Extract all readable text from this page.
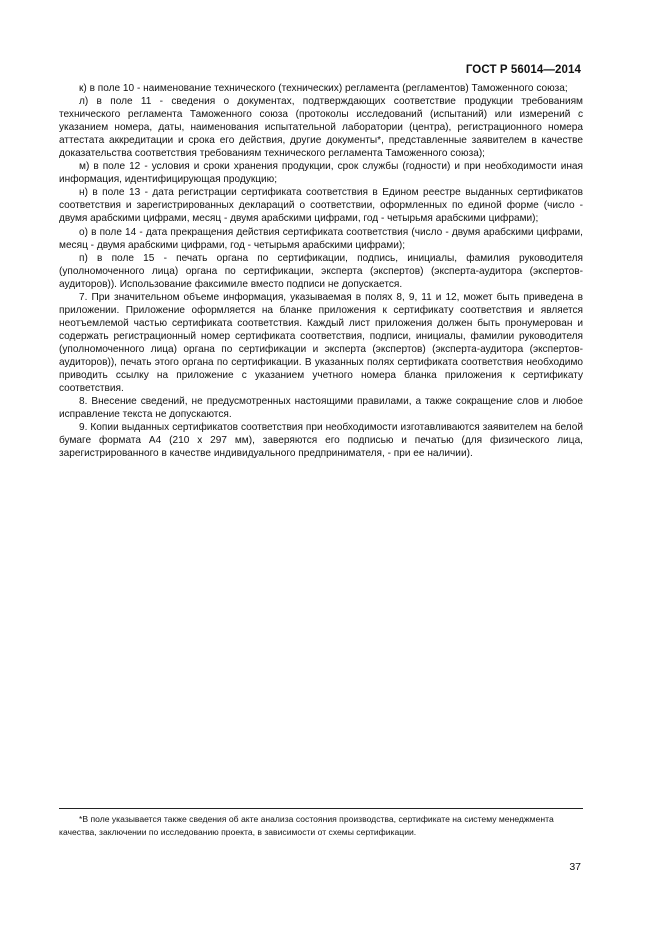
ГОСТ Р 56014—2014

к) в поле 10 - наименование технического (технических) регламента (регламентов) Таможенного союза;

л) в поле 11 - сведения о документах, подтверждающих соответствие продукции требованиям технического регламента Таможенного союза (протоколы исследований (испытаний) или измерений с указанием номера, даты, наименования испытательной лаборатории (центра), регистрационного номера аттестата аккредитации и срока его действия, другие документы*, представленные заявителем в качестве доказательства соответствия требованиям технического регламента Таможенного союза);

м) в поле 12 - условия и сроки хранения продукции, срок службы (годности) и при необходимости иная информация, идентифицирующая продукцию;

н) в поле 13 - дата регистрации сертификата соответствия в Едином реестре выданных сертификатов соответствия и зарегистрированных деклараций о соответствии, оформленных по единой форме (число - двумя арабскими цифрами, месяц - двумя арабскими цифрами, год - четырьмя арабскими цифрами);

о) в поле 14 - дата прекращения действия сертификата соответствия (число - двумя арабскими цифрами, месяц - двумя арабскими цифрами, год - четырьмя арабскими цифрами);

п) в поле 15 - печать органа по сертификации, подпись, инициалы, фамилия руководителя (уполномоченного лица) органа по сертификации, эксперта (экспертов) (эксперта-аудитора (экспертов-аудиторов)). Использование факсимиле вместо подписи не допускается.

7. При значительном объеме информация, указываемая в полях 8, 9, 11 и 12, может быть приведена в приложении. Приложение оформляется на бланке приложения к сертификату соответствия и является неотъемлемой частью сертификата соответствия. Каждый лист приложения должен быть пронумерован и содержать регистрационный номер сертификата соответствия, подписи, инициалы, фамилии руководителя (уполномоченного лица) органа по сертификации и эксперта (экспертов) (эксперта-аудитора (экспертов-аудиторов)), печать этого органа по сертификации. В указанных полях сертификата соответствия необходимо приводить ссылку на приложение с указанием учетного номера бланка приложения к сертификату соответствия.

8. Внесение сведений, не предусмотренных настоящими правилами, а также сокращение слов и любое исправление текста не допускаются.

9. Копии выданных сертификатов соответствия при необходимости изготавливаются заявителем на белой бумаге формата А4 (210 х 297 мм), заверяются его подписью и печатью (для физического лица, зарегистрированного в качестве индивидуального предпринимателя, - при ее наличии).

*В поле указывается также сведения об акте анализа состояния производства, сертификате на систему менеджмента качества, заключении по исследованию проекта, в зависимости от схемы сертификации.

37
